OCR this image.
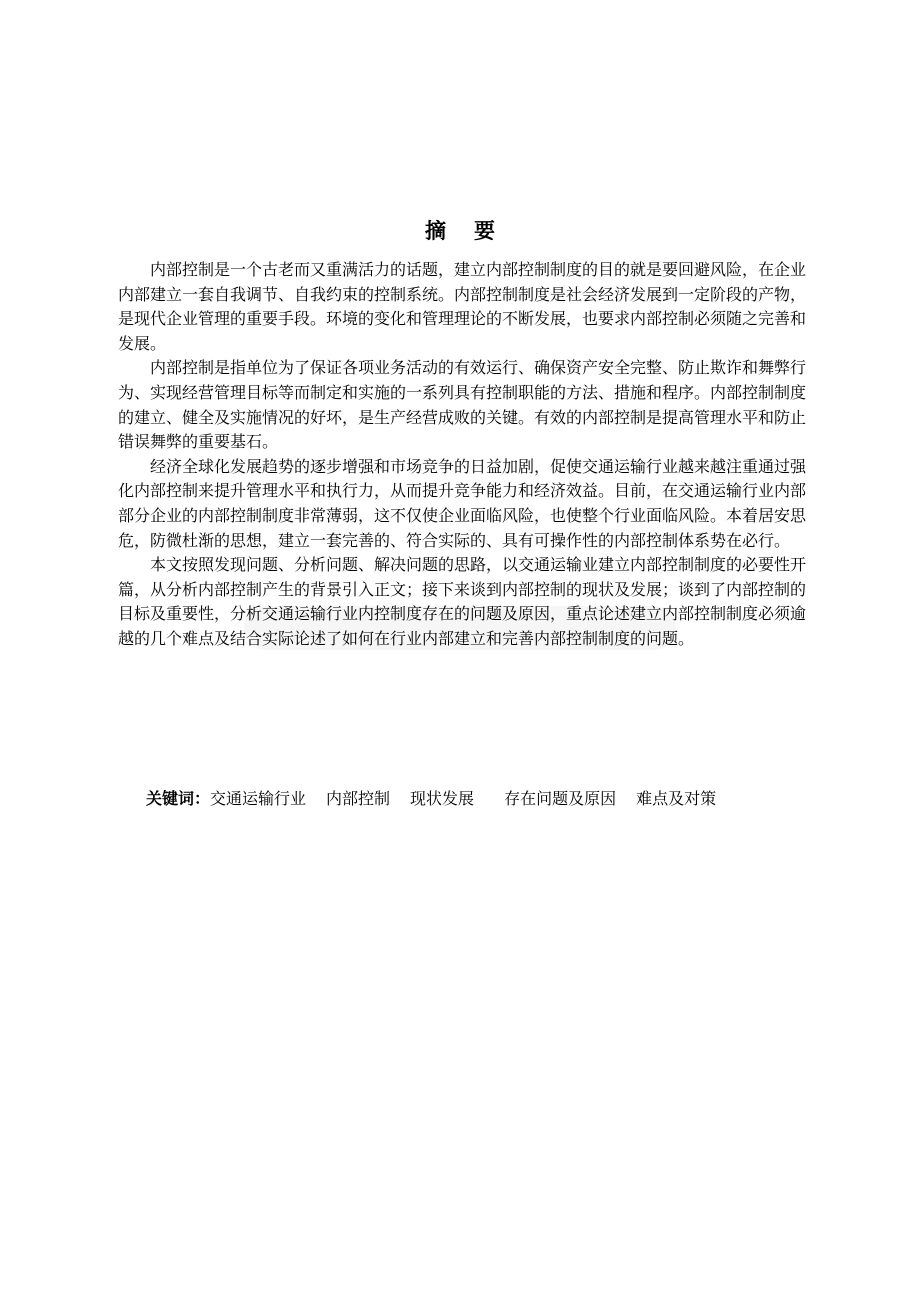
摘 要

内部控制是一个古老而又重满活力的话题，建立内部控制制度的目的就是要回避风险，在企业内部建立一套自我调节、自我约束的控制系统。内部控制制度是社会经济发展到一定阶段的产物，是现代企业管理的重要手段。环境的变化和管理理论的不断发展，也要求内部控制必须随之完善和发展。

内部控制是指单位为了保证各项业务活动的有效运行、确保资产安全完整、防止欺诈和舞弊行为、实现经营管理目标等而制定和实施的一系列具有控制职能的方法、措施和程序。内部控制制度的建立、健全及实施情况的好坏，是生产经营成败的关键。有效的内部控制是提高管理水平和防止错误舞弊的重要基石。

经济全球化发展趋势的逐步增强和市场竞争的日益加剧，促使交通运输行业越来越注重通过强化内部控制来提升管理水平和执行力，从而提升竞争能力和经济效益。目前，在交通运输行业内部部分企业的内部控制制度非常薄弱，这不仅使企业面临风险，也使整个行业面临风险。本着居安思危，防微杜渐的思想，建立一套完善的、符合实际的、具有可操作性的内部控制体系势在必行。

本文按照发现问题、分析问题、解决问题的思路，以交通运输业建立内部控制制度的必要性开篇，从分析内部控制产生的背景引入正文；接下来谈到内部控制的现状及发展；谈到了内部控制的目标及重要性，分析交通运输行业内控制度存在的问题及原因，重点论述建立内部控制制度必须逾越的几个难点及结合实际论述了如何在行业内部建立和完善内部控制制度的问题。

关键词：交通运输行业 内部控制 现状发展 存在问题及原因 难点及对策
